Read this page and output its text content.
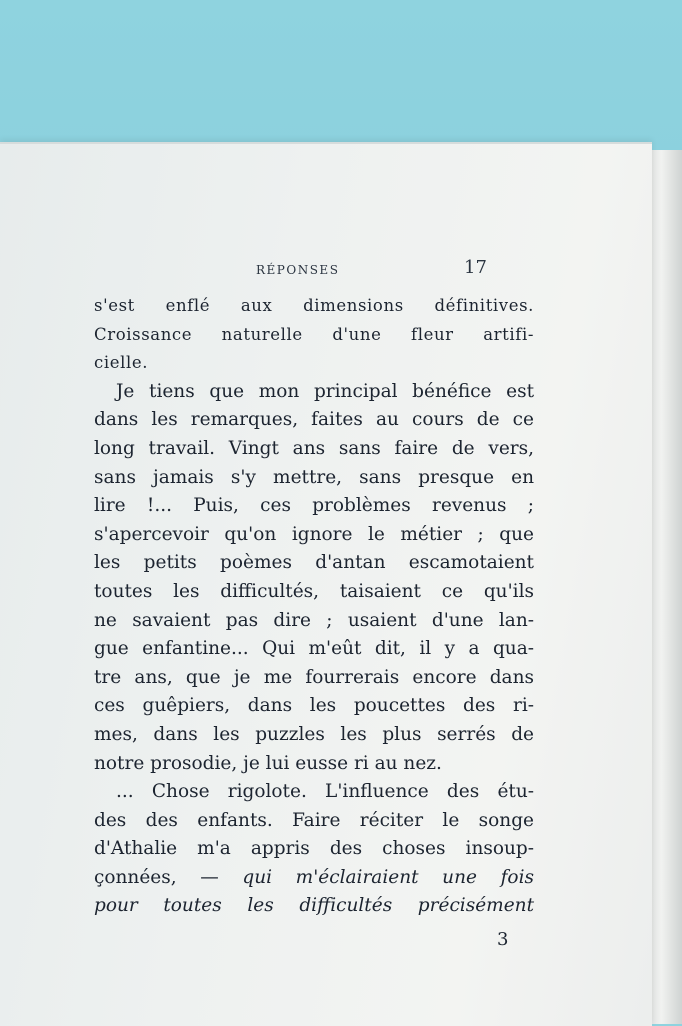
RÉPONSES	17
s'est enflé aux dimensions définitives.
Croissance naturelle d'une fleur artifi-
cielle.
Je tiens que mon principal bénéfice est
dans les remarques, faites au cours de ce
long travail. Vingt ans sans faire de vers,
sans jamais s'y mettre, sans presque en
lire !... Puis, ces problèmes revenus ;
s'apercevoir qu'on ignore le métier ; que
les petits poèmes d'antan escamotaient
toutes les difficultés, taisaient ce qu'ils
ne savaient pas dire ; usaient d'une lan-
gue enfantine... Qui m'eût dit, il y a qua-
tre ans, que je me fourrerais encore dans
ces guêpiers, dans les poucettes des ri-
mes, dans les puzzles les plus serrés de
notre prosodie, je lui eusse ri au nez.
... Chose rigolote. L'influence des étu-
des des enfants. Faire réciter le songe
d'Athalie m'a appris des choses insoup-
çonnées, — qui m'éclairaient une fois
pour toutes les difficultés précisément
3
